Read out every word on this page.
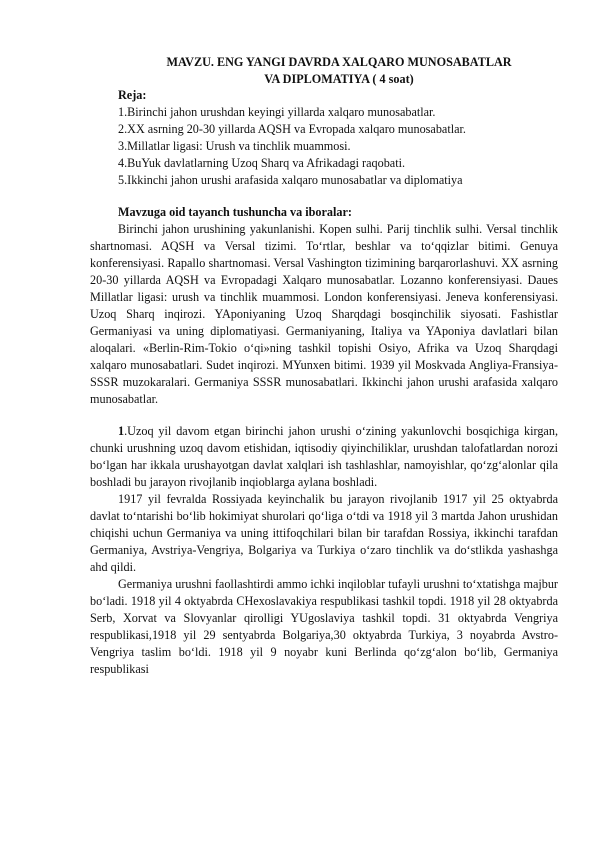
MAVZU. ENG YANGI DAVRDA XALQARO MUNOSABATLAR
VA DIPLOMATIYA ( 4 soat)

Reja:

1.Birinchi jahon urushdan keyingi yillarda xalqaro munosabatlar.
2.XX asrning 20-30 yillarda AQSH va Evropada xalqaro munosabatlar.
3.Millatlar ligasi: Urush va tinchlik muammosi.
4.BuYuk davlatlarning Uzoq Sharq va Afrikadagi raqobati.
5.Ikkinchi jahon urushi arafasida xalqaro munosabatlar va diplomatiya

Mavzuga oid tayanch tushuncha va iboralar:

Birinchi jahon urushining yakunlanishi. Kopen sulhi. Parij tinchlik sulhi. Versal tinchlik shartnomasi. AQSH va Versal tizimi. To‘rtlar, beshlar va to‘qqizlar bitimi. Genuya konferensiyasi. Rapallo shartnomasi. Versal Vashington tizimining barqarorlashuvi. XX asrning 20-30 yillarda AQSH va Evropadagi Xalqaro munosabatlar. Lozanno konferensiyasi. Daues Millatlar ligasi: urush va tinchlik muammosi. London konferensiyasi. Jeneva konferensiyasi. Uzoq Sharq inqirozi. YAponiyaning Uzoq Sharqdagi bosqinchilik siyosati. Fashistlar Germaniyasi va uning diplomatiyasi. Germaniyaning, Italiya va YAponiya davlatlari bilan aloqalari. «Berlin-Rim-Tokio o‘qi»ning tashkil topishi Osiyo, Afrika va Uzoq Sharqdagi xalqaro munosabatlari. Sudet inqirozi. MYunxen bitimi. 1939 yil Moskvada Angliya-Fransiya-SSSR muzokaralari. Germaniya SSSR munosabatlari. Ikkinchi jahon urushi arafasida xalqaro munosabatlar.

1.Uzoq yil davom etgan birinchi jahon urushi o‘zining yakunlovchi bosqichiga kirgan, chunki urushning uzoq davom etishidan, iqtisodiy qiyinchiliklar, urushdan talofatlardan norozi bo‘lgan har ikkala urushayotgan davlat xalqlari ish tashlashlar, namoyishlar, qo‘zg‘alonlar qila boshladi bu jarayon rivojlanib inqioblarga aylana boshladi.

1917 yil fevralda Rossiyada keyinchalik bu jarayon rivojlanib 1917 yil 25 oktyabrda davlat to‘ntarishi bo‘lib hokimiyat shurolari qo‘liga o‘tdi va 1918 yil 3 martda Jahon urushidan chiqishi uchun Germaniya va uning ittifoqchilari bilan bir tarafdan Rossiya, ikkinchi tarafdan Germaniya, Avstriya-Vengriya, Bolgariya va Turkiya o‘zaro tinchlik va do‘stlikda yashashga ahd qildi.

Germaniya urushni faollashtirdi ammo ichki inqiloblar tufayli urushni to‘xtatishga majbur bo‘ladi. 1918 yil 4 oktyabrda CHexoslavakiya respublikasi tashkil topdi. 1918 yil 28 oktyabrda Serb, Xorvat va Slovyanlar qirolligi YUgoslaviya tashkil topdi. 31 oktyabrda Vengriya respublikasi,1918 yil 29 sentyabrda Bolgariya,30 oktyabrda Turkiya, 3 noyabrda Avstro-Vengriya taslim bo‘ldi. 1918 yil 9 noyabr kuni Berlinda qo‘zg‘alon bo‘lib, Germaniya respublikasi
